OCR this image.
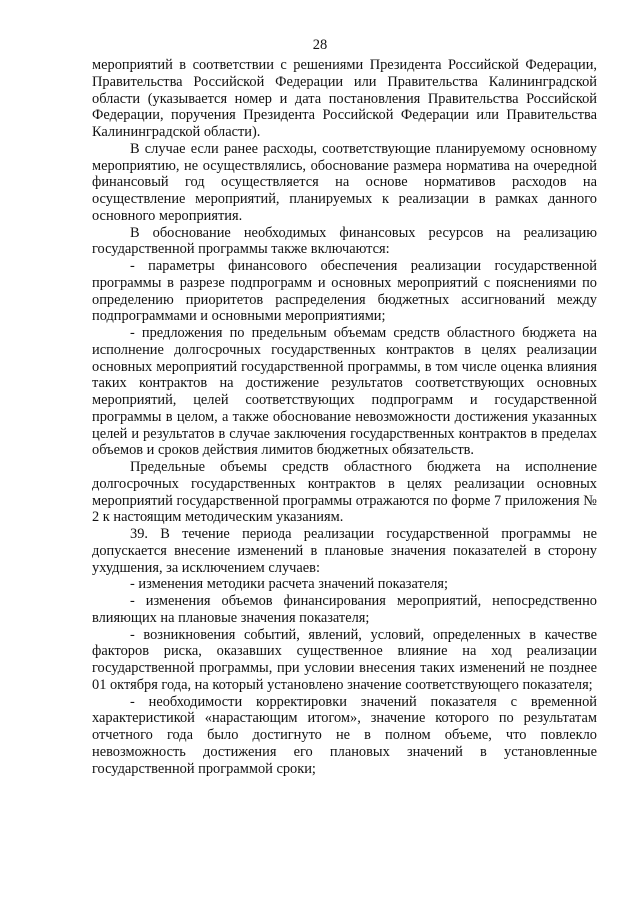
28

мероприятий в соответствии с решениями Президента Российской Федерации, Правительства Российской Федерации или Правительства Калининградской области (указывается номер и дата постановления Правительства Российской Федерации, поручения Президента Российской Федерации или Правительства Калининградской области).

В случае если ранее расходы, соответствующие планируемому основному мероприятию, не осуществлялись, обоснование размера норматива на очередной финансовый год осуществляется на основе нормативов расходов на осуществление мероприятий, планируемых к реализации в рамках данного основного мероприятия.

В обоснование необходимых финансовых ресурсов на реализацию государственной программы также включаются:

- параметры финансового обеспечения реализации государственной программы в разрезе подпрограмм и основных мероприятий с пояснениями по определению приоритетов распределения бюджетных ассигнований между подпрограммами и основными мероприятиями;

- предложения по предельным объемам средств областного бюджета на исполнение долгосрочных государственных контрактов в целях реализации основных мероприятий государственной программы, в том числе оценка влияния таких контрактов на достижение результатов соответствующих основных мероприятий, целей соответствующих подпрограмм и государственной программы в целом, а также обоснование невозможности достижения указанных целей и результатов в случае заключения государственных контрактов в пределах объемов и сроков действия лимитов бюджетных обязательств.

Предельные объемы средств областного бюджета на исполнение долгосрочных государственных контрактов в целях реализации основных мероприятий государственной программы отражаются по форме 7 приложения № 2 к настоящим методическим указаниям.

39. В течение периода реализации государственной программы не допускается внесение изменений в плановые значения показателей в сторону ухудшения, за исключением случаев:

- изменения методики расчета значений показателя;

- изменения объемов финансирования мероприятий, непосредственно влияющих на плановые значения показателя;

- возникновения событий, явлений, условий, определенных в качестве факторов риска, оказавших существенное влияние на ход реализации государственной программы, при условии внесения таких изменений не позднее 01 октября года, на который установлено значение соответствующего показателя;

- необходимости корректировки значений показателя с временной характеристикой «нарастающим итогом», значение которого по результатам отчетного года было достигнуто не в полном объеме, что повлекло невозможность достижения его плановых значений в установленные государственной программой сроки;
